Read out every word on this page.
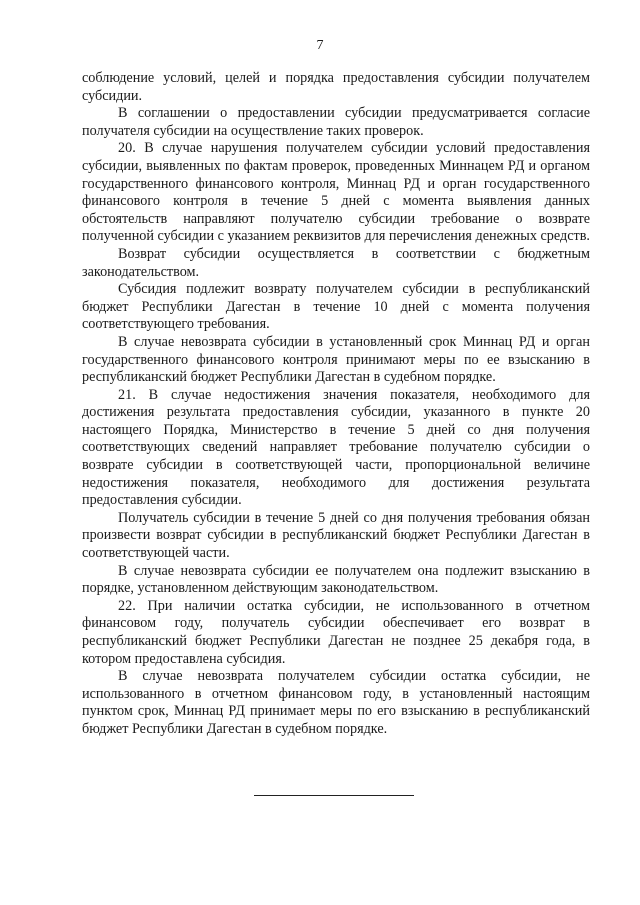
7

соблюдение условий, целей и порядка предоставления субсидии получателем субсидии.

В соглашении о предоставлении субсидии предусматривается согласие получателя субсидии на осуществление таких проверок.

20. В случае нарушения получателем субсидии условий предоставления субсидии, выявленных по фактам проверок, проведенных Миннацем РД и органом государственного финансового контроля, Миннац РД и орган государственного финансового контроля в течение 5 дней с момента выявления данных обстоятельств направляют получателю субсидии требование о возврате полученной субсидии с указанием реквизитов для перечисления денежных средств.

Возврат субсидии осуществляется в соответствии с бюджетным законодательством.

Субсидия подлежит возврату получателем субсидии в республиканский бюджет Республики Дагестан в течение 10 дней с момента получения соответствующего требования.

В случае невозврата субсидии в установленный срок Миннац РД и орган государственного финансового контроля принимают меры по ее взысканию в республиканский бюджет Республики Дагестан в судебном порядке.

21. В случае недостижения значения показателя, необходимого для достижения результата предоставления субсидии, указанного в пункте 20 настоящего Порядка, Министерство в течение 5 дней со дня получения соответствующих сведений направляет требование получателю субсидии о возврате субсидии в соответствующей части, пропорциональной величине недостижения показателя, необходимого для достижения результата предоставления субсидии.

Получатель субсидии в течение 5 дней со дня получения требования обязан произвести возврат субсидии в республиканский бюджет Республики Дагестан в соответствующей части.

В случае невозврата субсидии ее получателем она подлежит взысканию в порядке, установленном действующим законодательством.

22. При наличии остатка субсидии, не использованного в отчетном финансовом году, получатель субсидии обеспечивает его возврат в республиканский бюджет Республики Дагестан не позднее 25 декабря года, в котором предоставлена субсидия.

В случае невозврата получателем субсидии остатка субсидии, не использованного в отчетном финансовом году, в установленный настоящим пунктом срок, Миннац РД принимает меры по его взысканию в республиканский бюджет Республики Дагестан в судебном порядке.
